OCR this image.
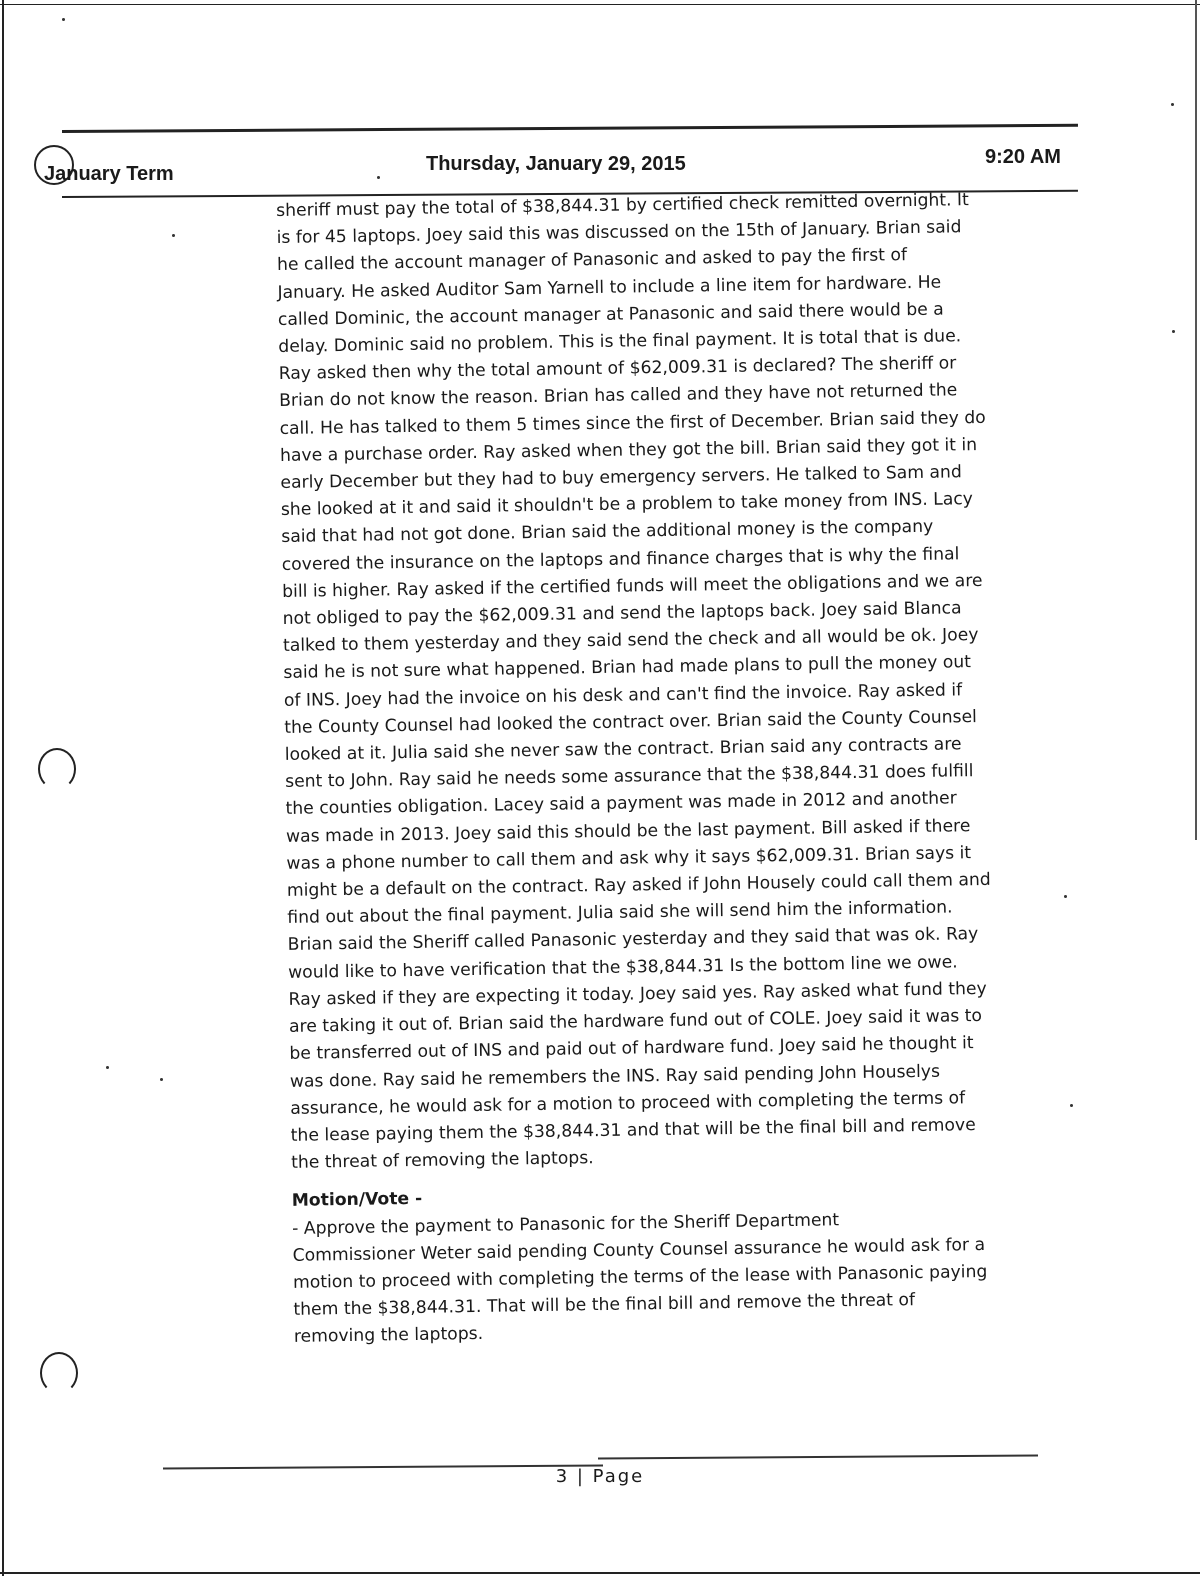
January Term	Thursday, January 29, 2015	9:20 AM
sheriff must pay the total of $38,844.31 by certified check remitted overnight. It
is for 45 laptops. Joey said this was discussed on the 15th of January. Brian said
he called the account manager of Panasonic and asked to pay the first of
January. He asked Auditor Sam Yarnell to include a line item for hardware. He
called Dominic, the account manager at Panasonic and said there would be a
delay. Dominic said no problem. This is the final payment. It is total that is due.
Ray asked then why the total amount of $62,009.31 is declared? The sheriff or
Brian do not know the reason. Brian has called and they have not returned the
call. He has talked to them 5 times since the first of December. Brian said they do
have a purchase order. Ray asked when they got the bill. Brian said they got it in
early December but they had to buy emergency servers. He talked to Sam and
she looked at it and said it shouldn't be a problem to take money from INS. Lacy
said that had not got done. Brian said the additional money is the company
covered the insurance on the laptops and finance charges that is why the final
bill is higher. Ray asked if the certified funds will meet the obligations and we are
not obliged to pay the $62,009.31 and send the laptops back. Joey said Blanca
talked to them yesterday and they said send the check and all would be ok. Joey
said he is not sure what happened. Brian had made plans to pull the money out
of INS. Joey had the invoice on his desk and can't find the invoice. Ray asked if
the County Counsel had looked the contract over. Brian said the County Counsel
looked at it. Julia said she never saw the contract. Brian said any contracts are
sent to John. Ray said he needs some assurance that the $38,844.31 does fulfill
the counties obligation. Lacey said a payment was made in 2012 and another
was made in 2013. Joey said this should be the last payment. Bill asked if there
was a phone number to call them and ask why it says $62,009.31. Brian says it
might be a default on the contract. Ray asked if John Housely could call them and
find out about the final payment. Julia said she will send him the information.
Brian said the Sheriff called Panasonic yesterday and they said that was ok. Ray
would like to have verification that the $38,844.31 Is the bottom line we owe.
Ray asked if they are expecting it today. Joey said yes. Ray asked what fund they
are taking it out of. Brian said the hardware fund out of COLE. Joey said it was to
be transferred out of INS and paid out of hardware fund. Joey said he thought it
was done. Ray said he remembers the INS. Ray said pending John Houselys
assurance, he would ask for a motion to proceed with completing the terms of
the lease paying them the $38,844.31 and that will be the final bill and remove
the threat of removing the laptops.
Motion/Vote -
- Approve the payment to Panasonic for the Sheriff Department
Commissioner Weter said pending County Counsel assurance he would ask for a
motion to proceed with completing the terms of the lease with Panasonic paying
them the $38,844.31. That will be the final bill and remove the threat of
removing the laptops.
3 | Page
